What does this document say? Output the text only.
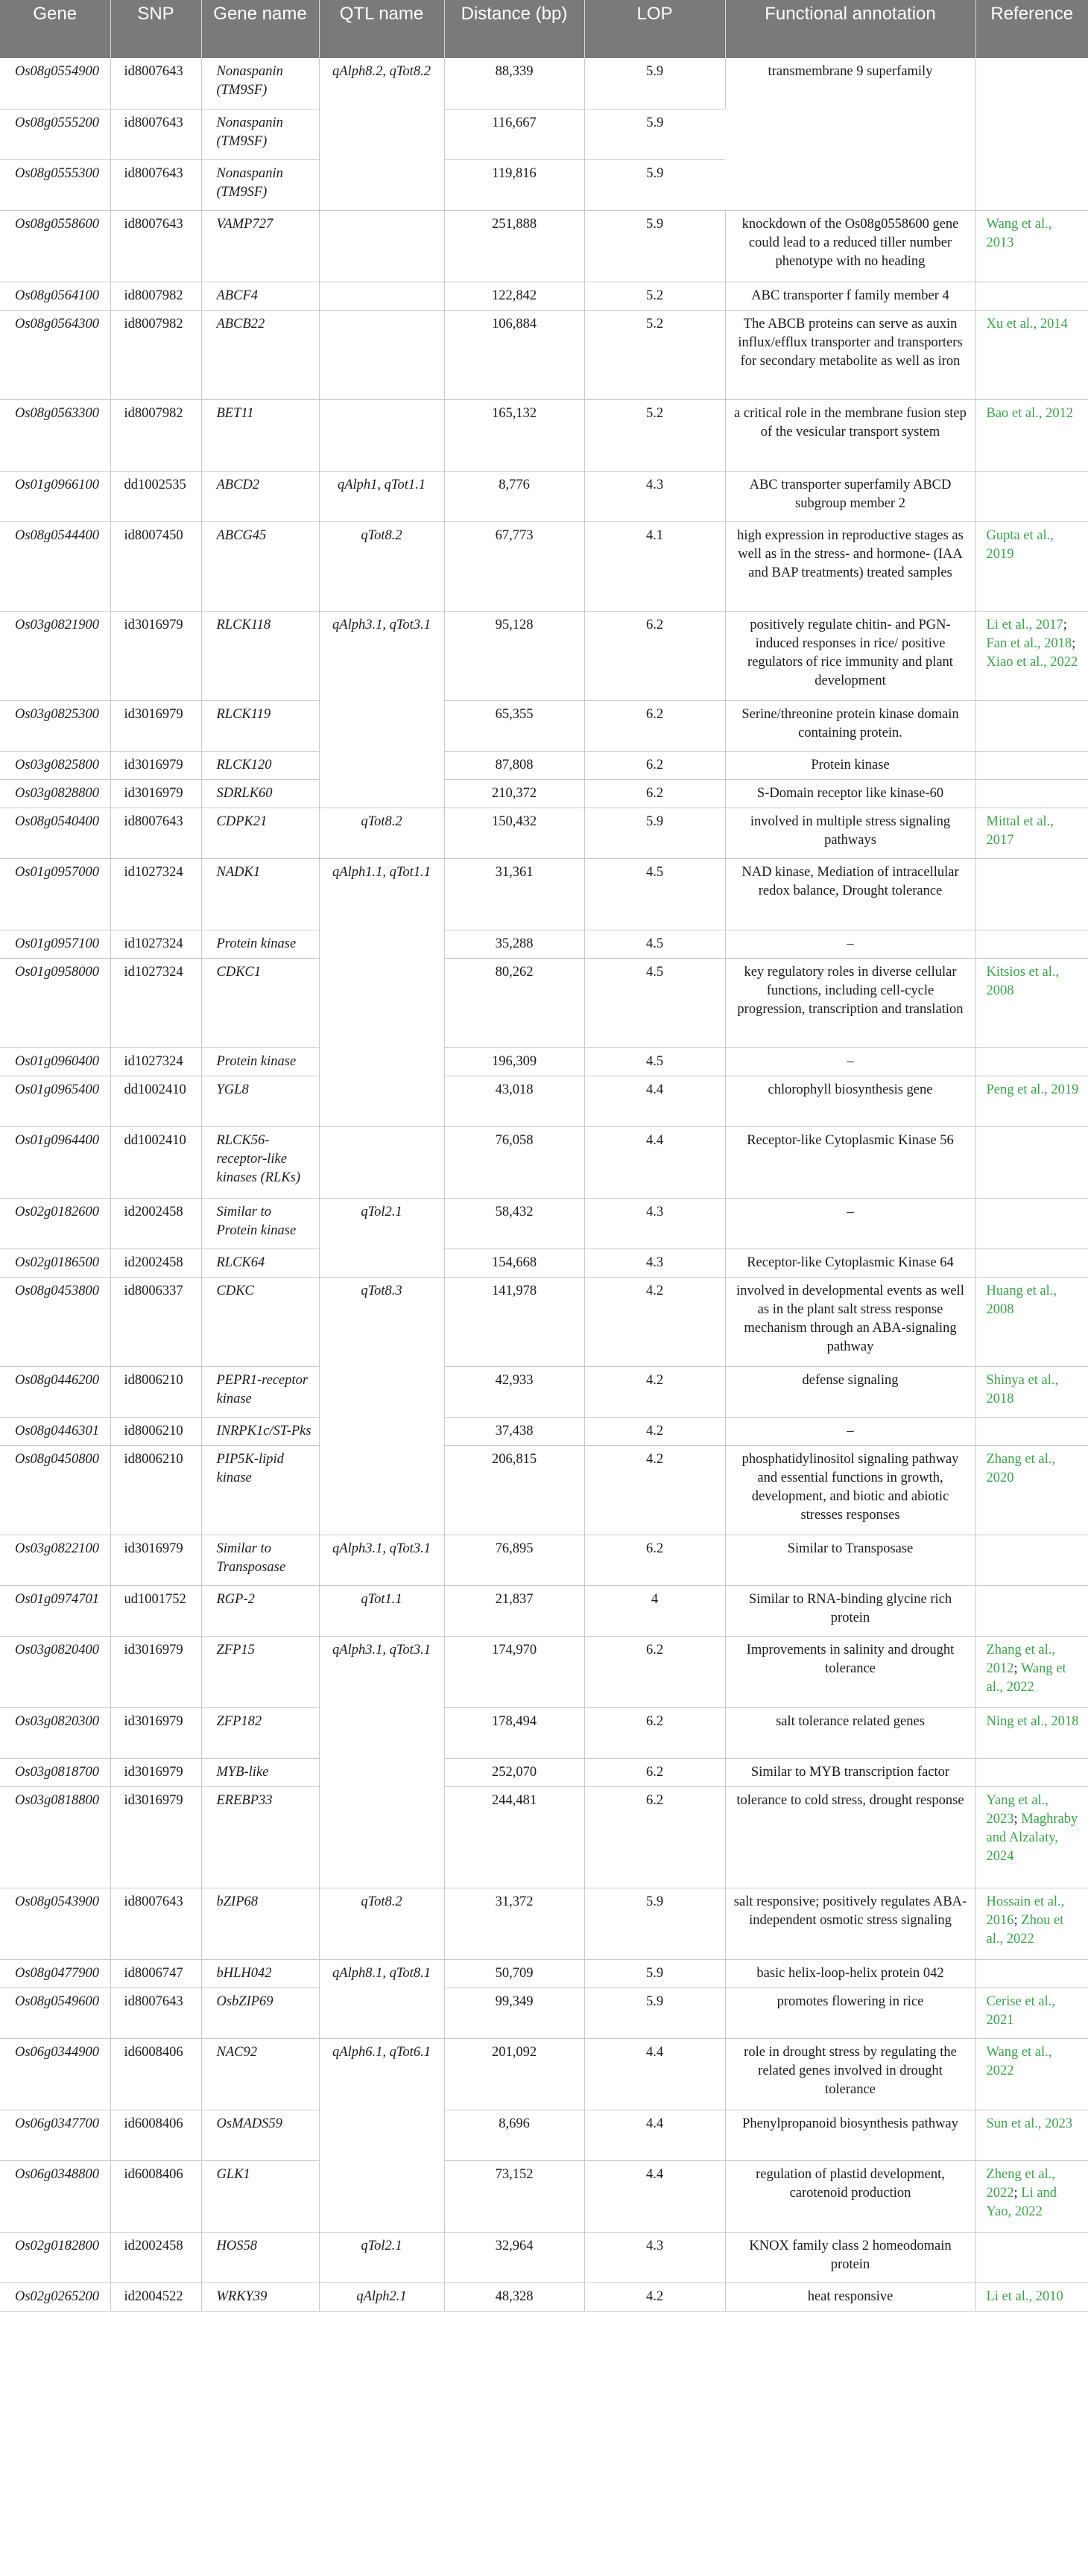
Gene	SNP	Gene name	QTL name	Distance (bp)	LOP	Functional annotation	Reference
Os08g0554900	id8007643	Nonaspanin (TM9SF)	qAlph8.2, qTot8.2	88,339	5.9	transmembrane 9 superfamily	
Os08g0555200	id8007643	Nonaspanin (TM9SF)		116,667	5.9		
Os08g0555300	id8007643	Nonaspanin (TM9SF)		119,816	5.9		
Os08g0558600	id8007643	VAMP727		251,888	5.9	knockdown of the Os08g0558600 gene could lead to a reduced tiller number phenotype with no heading	Wang et al., 2013
Os08g0564100	id8007982	ABCF4		122,842	5.2	ABC transporter f family member 4	
Os08g0564300	id8007982	ABCB22		106,884	5.2	The ABCB proteins can serve as auxin influx/efflux transporter and transporters for secondary metabolite as well as iron	Xu et al., 2014
Os08g0563300	id8007982	BET11		165,132	5.2	a critical role in the membrane fusion step of the vesicular transport system	Bao et al., 2012
Os01g0966100	dd1002535	ABCD2	qAlph1, qTot1.1	8,776	4.3	ABC transporter superfamily ABCD subgroup member 2	
Os08g0544400	id8007450	ABCG45	qTot8.2	67,773	4.1	high expression in reproductive stages as well as in the stress- and hormone- (IAA and BAP treatments) treated samples	Gupta et al., 2019
Os03g0821900	id3016979	RLCK118	qAlph3.1, qTot3.1	95,128	6.2	positively regulate chitin- and PGN-induced responses in rice/ positive regulators of rice immunity and plant development	Li et al., 2017; Fan et al., 2018; Xiao et al., 2022
Os03g0825300	id3016979	RLCK119		65,355	6.2	Serine/threonine protein kinase domain containing protein.	
Os03g0825800	id3016979	RLCK120		87,808	6.2	Protein kinase	
Os03g0828800	id3016979	SDRLK60		210,372	6.2	S-Domain receptor like kinase-60	
Os08g0540400	id8007643	CDPK21	qTot8.2	150,432	5.9	involved in multiple stress signaling pathways	Mittal et al., 2017
Os01g0957000	id1027324	NADK1	qAlph1.1, qTot1.1	31,361	4.5	NAD kinase, Mediation of intracellular redox balance, Drought tolerance	
Os01g0957100	id1027324	Protein kinase		35,288	4.5	–	
Os01g0958000	id1027324	CDKC1		80,262	4.5	key regulatory roles in diverse cellular functions, including cell-cycle progression, transcription and translation	Kitsios et al., 2008
Os01g0960400	id1027324	Protein kinase		196,309	4.5	–	
Os01g0965400	dd1002410	YGL8		43,018	4.4	chlorophyll biosynthesis gene	Peng et al., 2019
Os01g0964400	dd1002410	RLCK56-receptor-like kinases (RLKs)		76,058	4.4	Receptor-like Cytoplasmic Kinase 56	
Os02g0182600	id2002458	Similar to Protein kinase	qTol2.1	58,432	4.3	–	
Os02g0186500	id2002458	RLCK64		154,668	4.3	Receptor-like Cytoplasmic Kinase 64	
Os08g0453800	id8006337	CDKC	qTot8.3	141,978	4.2	involved in developmental events as well as in the plant salt stress response mechanism through an ABA-signaling pathway	Huang et al., 2008
Os08g0446200	id8006210	PEPR1-receptor kinase		42,933	4.2	defense signaling	Shinya et al., 2018
Os08g0446301	id8006210	INRPK1c/ST-Pks		37,438	4.2	–	
Os08g0450800	id8006210	PIP5K-lipid kinase		206,815	4.2	phosphatidylinositol signaling pathway and essential functions in growth, development, and biotic and abiotic stresses responses	Zhang et al., 2020
Os03g0822100	id3016979	Similar to Transposase	qAlph3.1, qTot3.1	76,895	6.2	Similar to Transposase	
Os01g0974701	ud1001752	RGP-2	qTot1.1	21,837	4	Similar to RNA-binding glycine rich protein	
Os03g0820400	id3016979	ZFP15	qAlph3.1, qTot3.1	174,970	6.2	Improvements in salinity and drought tolerance	Zhang et al., 2012; Wang et al., 2022
Os03g0820300	id3016979	ZFP182		178,494	6.2	salt tolerance related genes	Ning et al., 2018
Os03g0818700	id3016979	MYB-like		252,070	6.2	Similar to MYB transcription factor	
Os03g0818800	id3016979	EREBP33		244,481	6.2	tolerance to cold stress, drought response	Yang et al., 2023; Maghraby and Alzalaty, 2024
Os08g0543900	id8007643	bZIP68	qTot8.2	31,372	5.9	salt responsive; positively regulates ABA-independent osmotic stress signaling	Hossain et al., 2016; Zhou et al., 2022
Os08g0477900	id8006747	bHLH042	qAlph8.1, qTot8.1	50,709	5.9	basic helix-loop-helix protein 042	
Os08g0549600	id8007643	OsbZIP69		99,349	5.9	promotes flowering in rice	Cerise et al., 2021
Os06g0344900	id6008406	NAC92	qAlph6.1, qTot6.1	201,092	4.4	role in drought stress by regulating the related genes involved in drought tolerance	Wang et al., 2022
Os06g0347700	id6008406	OsMADS59		8,696	4.4	Phenylpropanoid biosynthesis pathway	Sun et al., 2023
Os06g0348800	id6008406	GLK1		73,152	4.4	regulation of plastid development, carotenoid production	Zheng et al., 2022; Li and Yao, 2022
Os02g0182800	id2002458	HOS58	qTol2.1	32,964	4.3	KNOX family class 2 homeodomain protein	
Os02g0265200	id2004522	WRKY39	qAlph2.1	48,328	4.2	heat responsive	Li et al., 2010
